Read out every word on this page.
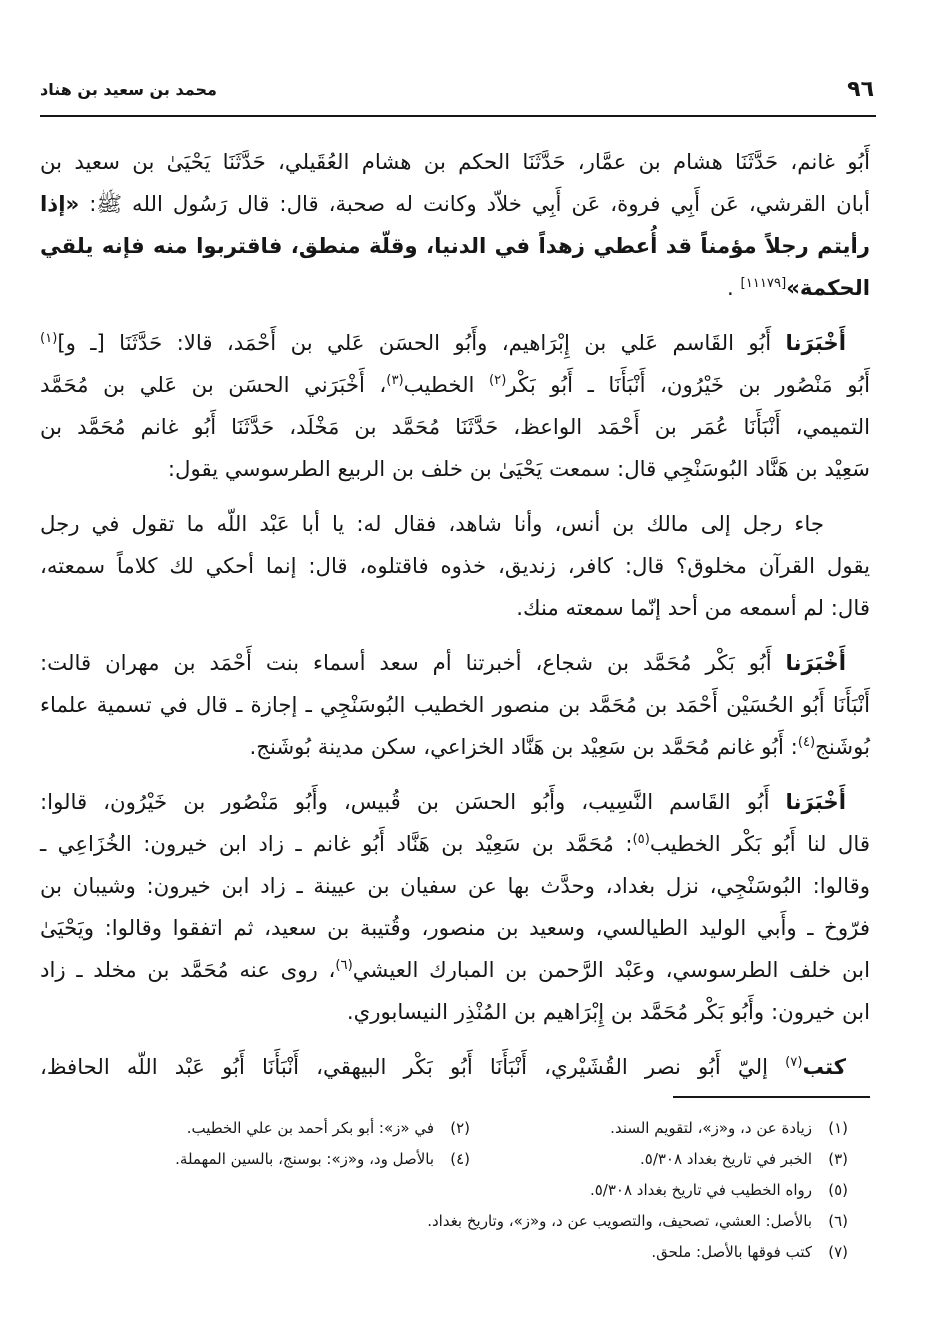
٩٦
محمد بن سعيد بن هناد
أَبُو غانم، حَدَّثَنَا هشام بن عمَّار، حَدَّثَنَا الحكم بن هشام العُقَيلي، حَدَّثَنَا يَحْيَىٰ بن سعيد بن
أبان القرشي، عَن أَبِي فروة، عَن أَبِي خلاّد وكانت له صحبة، قال: قال رَسُول الله ﷺ: «إذا
رأيتم رجلاً مؤمناً قد أُعطي زهداً في الدنيا، وقلّة منطق، فاقتربوا منه فإنه يلقي
الحكمة»[١١١٧٩] .
أَخْبَرَنا أَبُو القَاسم عَلي بن إِبْرَاهيم، وأَبُو الحسَن عَلي بن أَحْمَد، قالا: حَدَّثَنَا [ـ و]$^{(١)}$
أَبُو مَنْصُور بن خَيْرُون، أَنْبَأَنَا ـ أَبُو بَكْر$^{(٢)}$ الخطيب$^{(٣)}$، أَخْبَرَني الحسَن بن عَلي بن مُحَمَّد
التميمي، أَنْبَأَنَا عُمَر بن أَحْمَد الواعظ، حَدَّثَنَا مُحَمَّد بن مَخْلَد، حَدَّثَنَا أَبُو غانم مُحَمَّد بن
سَعِيْد بن هَنَّاد البُوسَنْجِي قال: سمعت يَحْيَىٰ بن خلف بن الربيع الطرسوسي يقول:
جاء رجل إلى مالك بن أنس، وأنا شاهد، فقال له: يا أبا عَبْد اللّه ما تقول في رجل
يقول القرآن مخلوق؟ قال: كافر، زنديق، خذوه فاقتلوه، قال: إنما أحكي لك كلاماً سمعته،
قال: لم أسمعه من أحد إنّما سمعته منك.
أَخْبَرَنا أَبُو بَكْر مُحَمَّد بن شجاع، أخبرتنا أم سعد أسماء بنت أَحْمَد بن مهران قالت:
أَنْبَأَنَا أَبُو الحُسَيْن أَحْمَد بن مُحَمَّد بن منصور الخطيب البُوسَنْجِي ـ إجازة ـ قال في تسمية علماء
بُوشَنج$^{(٤)}$: أَبُو غانم مُحَمَّد بن سَعِيْد بن هَنَّاد الخزاعي، سكن مدينة بُوشَنج.
أَخْبَرَنا أَبُو القَاسم النَّسِيب، وأَبُو الحسَن بن قُبيس، وأَبُو مَنْصُور بن خَيْرُون، قالوا:
قال لنا أَبُو بَكْر الخطيب$^{(٥)}$: مُحَمَّد بن سَعِيْد بن هَنَّاد أَبُو غانم ـ زاد ابن خيرون: الخُزَاعِي ـ
وقالوا: البُوسَنْجِي، نزل بغداد، وحدَّث بها عن سفيان بن عيينة ـ زاد ابن خيرون: وشيبان بن
فرّوخ ـ وأَبي الوليد الطيالسي، وسعيد بن منصور، وقُتيبة بن سعيد، ثم اتفقوا وقالوا: ويَحْيَىٰ
ابن خلف الطرسوسي، وعَبْد الرَّحمن بن المبارك العيشي$^{(٦)}$، روى عنه مُحَمَّد بن مخلد ـ زاد
ابن خيرون: وأَبُو بَكْر مُحَمَّد بن إِبْرَاهيم بن المُنْذِر النيسابوري.
كتب$^{(٧)}$ إليّ أَبُو نصر القُشَيْري، أَنْبَأَنَا أَبُو بَكْر البيهقي، أَنْبَأَنَا أَبُو عَبْد اللّه الحافظ،
(١)
زيادة عن د، و«ز»، لتقويم السند.
(٢)
في «ز»: أبو بكر أحمد بن علي الخطيب.
(٣)
الخبر في تاريخ بغداد ٥/٣٠٨.
(٤)
بالأصل ود، و«ز»: بوسنج، بالسين المهملة.
(٥)
رواه الخطيب في تاريخ بغداد ٥/٣٠٨.
(٦)
بالأصل: العشي، تصحيف، والتصويب عن د، و«ز»، وتاريخ بغداد.
(٧)
كتب فوقها بالأصل: ملحق.
